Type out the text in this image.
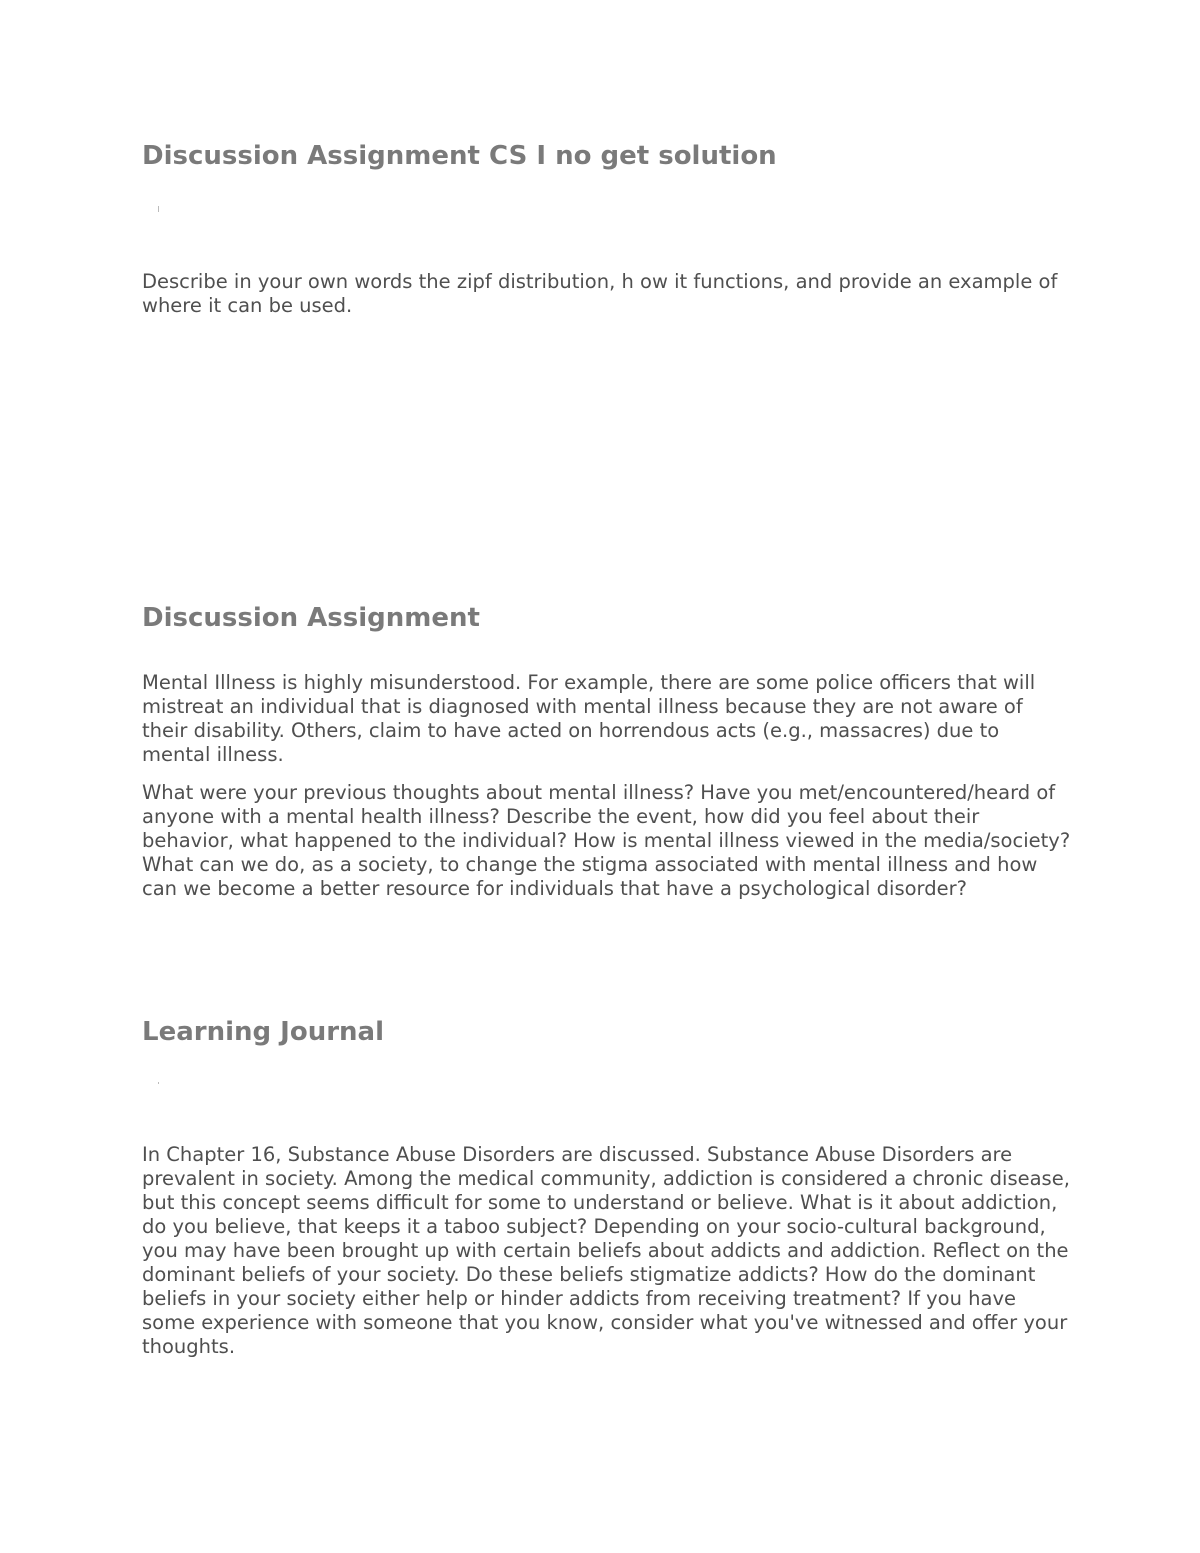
Discussion Assignment CS I no get solution

Describe in your own words the zipf distribution, h ow it functions, and provide an example of where it can be used.

Discussion Assignment

Mental Illness is highly misunderstood. For example, there are some police officers that will mistreat an individual that is diagnosed with mental illness because they are not aware of their disability. Others, claim to have acted on horrendous acts (e.g., massacres) due to mental illness.

What were your previous thoughts about mental illness? Have you met/encountered/heard of anyone with a mental health illness? Describe the event, how did you feel about their behavior, what happened to the individual? How is mental illness viewed in the media/society? What can we do, as a society, to change the stigma associated with mental illness and how can we become a better resource for individuals that have a psychological disorder?

Learning Journal

In Chapter 16, Substance Abuse Disorders are discussed. Substance Abuse Disorders are prevalent in society. Among the medical community, addiction is considered a chronic disease, but this concept seems difficult for some to understand or believe. What is it about addiction, do you believe, that keeps it a taboo subject? Depending on your socio-cultural background, you may have been brought up with certain beliefs about addicts and addiction. Reflect on the dominant beliefs of your society. Do these beliefs stigmatize addicts? How do the dominant beliefs in your society either help or hinder addicts from receiving treatment? If you have some experience with someone that you know, consider what you've witnessed and offer your thoughts.
